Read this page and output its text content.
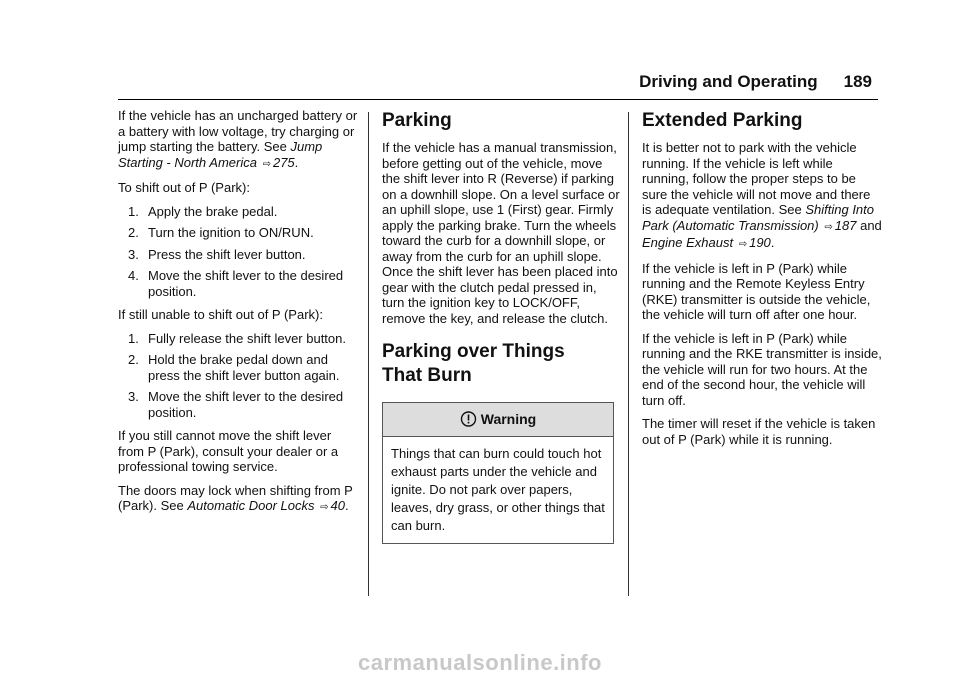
Driving and Operating 189

If the vehicle has an uncharged battery or a battery with low voltage, try charging or jump starting the battery. See Jump Starting - North America ⇨ 275.

To shift out of P (Park):

1. Apply the brake pedal.
2. Turn the ignition to ON/RUN.
3. Press the shift lever button.
4. Move the shift lever to the desired position.

If still unable to shift out of P (Park):

1. Fully release the shift lever button.
2. Hold the brake pedal down and press the shift lever button again.
3. Move the shift lever to the desired position.

If you still cannot move the shift lever from P (Park), consult your dealer or a professional towing service.

The doors may lock when shifting from P (Park). See Automatic Door Locks ⇨ 40.

Parking

If the vehicle has a manual transmission, before getting out of the vehicle, move the shift lever into R (Reverse) if parking on a downhill slope. On a level surface or an uphill slope, use 1 (First) gear. Firmly apply the parking brake. Turn the wheels toward the curb for a downhill slope, or away from the curb for an uphill slope. Once the shift lever has been placed into gear with the clutch pedal pressed in, turn the ignition key to LOCK/OFF, remove the key, and release the clutch.

Parking over Things
That Burn
Warning
Things that can burn could touch hot exhaust parts under the vehicle and ignite. Do not park over papers, leaves, dry grass, or other things that can burn.
Extended Parking

It is better not to park with the vehicle running. If the vehicle is left while running, follow the proper steps to be sure the vehicle will not move and there is adequate ventilation. See Shifting Into Park (Automatic Transmission) ⇨ 187 and Engine Exhaust ⇨ 190.

If the vehicle is left in P (Park) while running and the Remote Keyless Entry (RKE) transmitter is outside the vehicle, the vehicle will turn off after one hour.

If the vehicle is left in P (Park) while running and the RKE transmitter is inside, the vehicle will run for two hours. At the end of the second hour, the vehicle will turn off.

The timer will reset if the vehicle is taken out of P (Park) while it is running.

carmanualsonline.info
